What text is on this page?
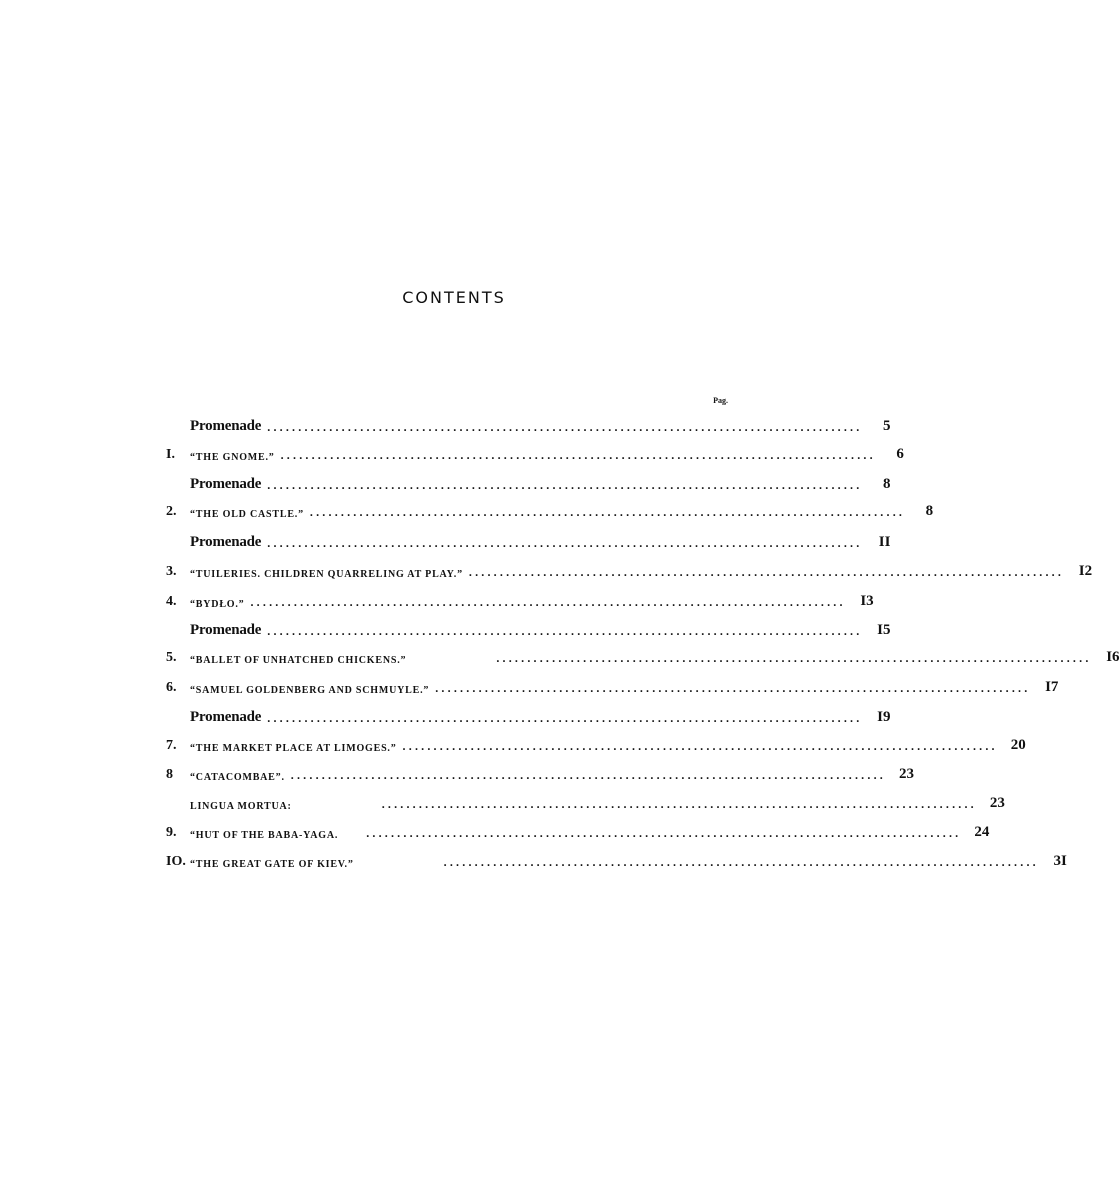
CONTENTS
Pag.
Promenade ................................................................................................	5
I.	“THE GNOME.” ................................................................................................	6
Promenade ................................................................................................	8
2.	“THE OLD CASTLE.” ................................................................................................	8
Promenade ................................................................................................	II
3.	“TUILERIES. CHILDREN QUARRELING AT PLAY.” ................................................................................................ I2
4.	“BYDŁO.” ................................................................................................ I3
Promenade ................................................................................................ I5
5.	“BALLET OF UNHATCHED CHICKENS.”	................................................................................................ I6
6.	“SAMUEL GOLDENBERG AND SCHMUYLE.” ................................................................................................ I7
Promenade ................................................................................................ I9
7.	“THE MARKET PLACE AT LIMOGES.” ................................................................................................ 20
8	“CATACOMBAE”. ................................................................................................ 23
LINGUA MORTUA:	................................................................................................ 23
9.	“HUT OF THE BABA-YAGA. ................................................................................................ 24
IO. “THE GREAT GATE OF KIEV.”	................................................................................................ 3I
